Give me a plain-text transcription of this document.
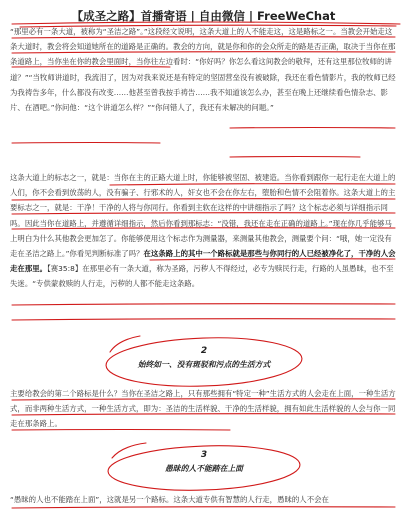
【成圣之路】首播寄语 | 自由微信 | FreeWeChat
“那里必有一条大道，被称为“圣洁之路”。”这段经文说明，这条大道上的人不能走这，这是路标之一。当教会开始走这条大道时，教会将会知道她所在的道路是正确的。教会的方向，就是你和你的会众所走的路是否正确，取决于当你在那条道路上，当你坐在你的教会里面时，当你往左边看时：“你好吗？你怎么看这间教会的敬拜，还有这里那位牧师的讲道？”“当牧师讲道时，我流泪了，因为对我来说还是有特定的坚固营垒没有被破除，我还在看色情影片，我的牧师已经为我祷告多年，什么都没有改变……他甚至曾我按手祷告……我不知道该怎么办，甚至在晚上还继续看色情杂志、影片、在酒吧。”你问他：“这个讲道怎么样？”“你问错人了，我还有未解决的问题。”
这条大道上的标志之一，就是：当你在主的正路大道上时，你能够被坚固、被建造。当你看到跟你一起行走在大道上的人们，你不会看到放荡的人，没有骗子、行邪术的人，奸女也不会在你左右，堕胎和色情不会阻着你。这条大道上的主要标志之一，就是：干净！干净的人将与你同行。你看到主软在这样的中讲细指示了吗？这个标志必须与详细指示同吗。因此当你在道路上，并遵循详细指示，然后你看到那标志：“没错，我还在走在正确的道路上。”现在你几乎能够马上明白为什么其他教会更加怎了。你能够使用这个标志作为测量器，来测量其他教会，测量要个问：“哦，她一定没有走在圣洁之路上。”你看见判断标准了吗？在这条路上的其中一个路标就是那些与你同行的人已经被净化了，干净的人会走在那里。【赛35:8】在那里必有一条大道，称为圣路，污秽人不得经过，必专为赎民行走，行路的人虽愚昧，也不至失迷。“专供蒙救赎的人行走，污秽的人都不能走这条路。
2
始终如一、没有斑驳和污点的生活方式
主要给教会的第二个路标是什么？当你在圣洁之路上，只有那些拥有“特定一种”生活方式的人会走在上面，一种生活方式，而非两种生活方式，一种生活方式，即为：圣洁的生活样貌、干净的生活样貌，拥有如此生活样貌的人会与你一同走在那条路上。
3
愚昧的人不能踏在上面
“愚昧的人也不能踏在上面”，这就是另一个路标。这条大道专供有智慧的人行走，愚昧的人不会在
